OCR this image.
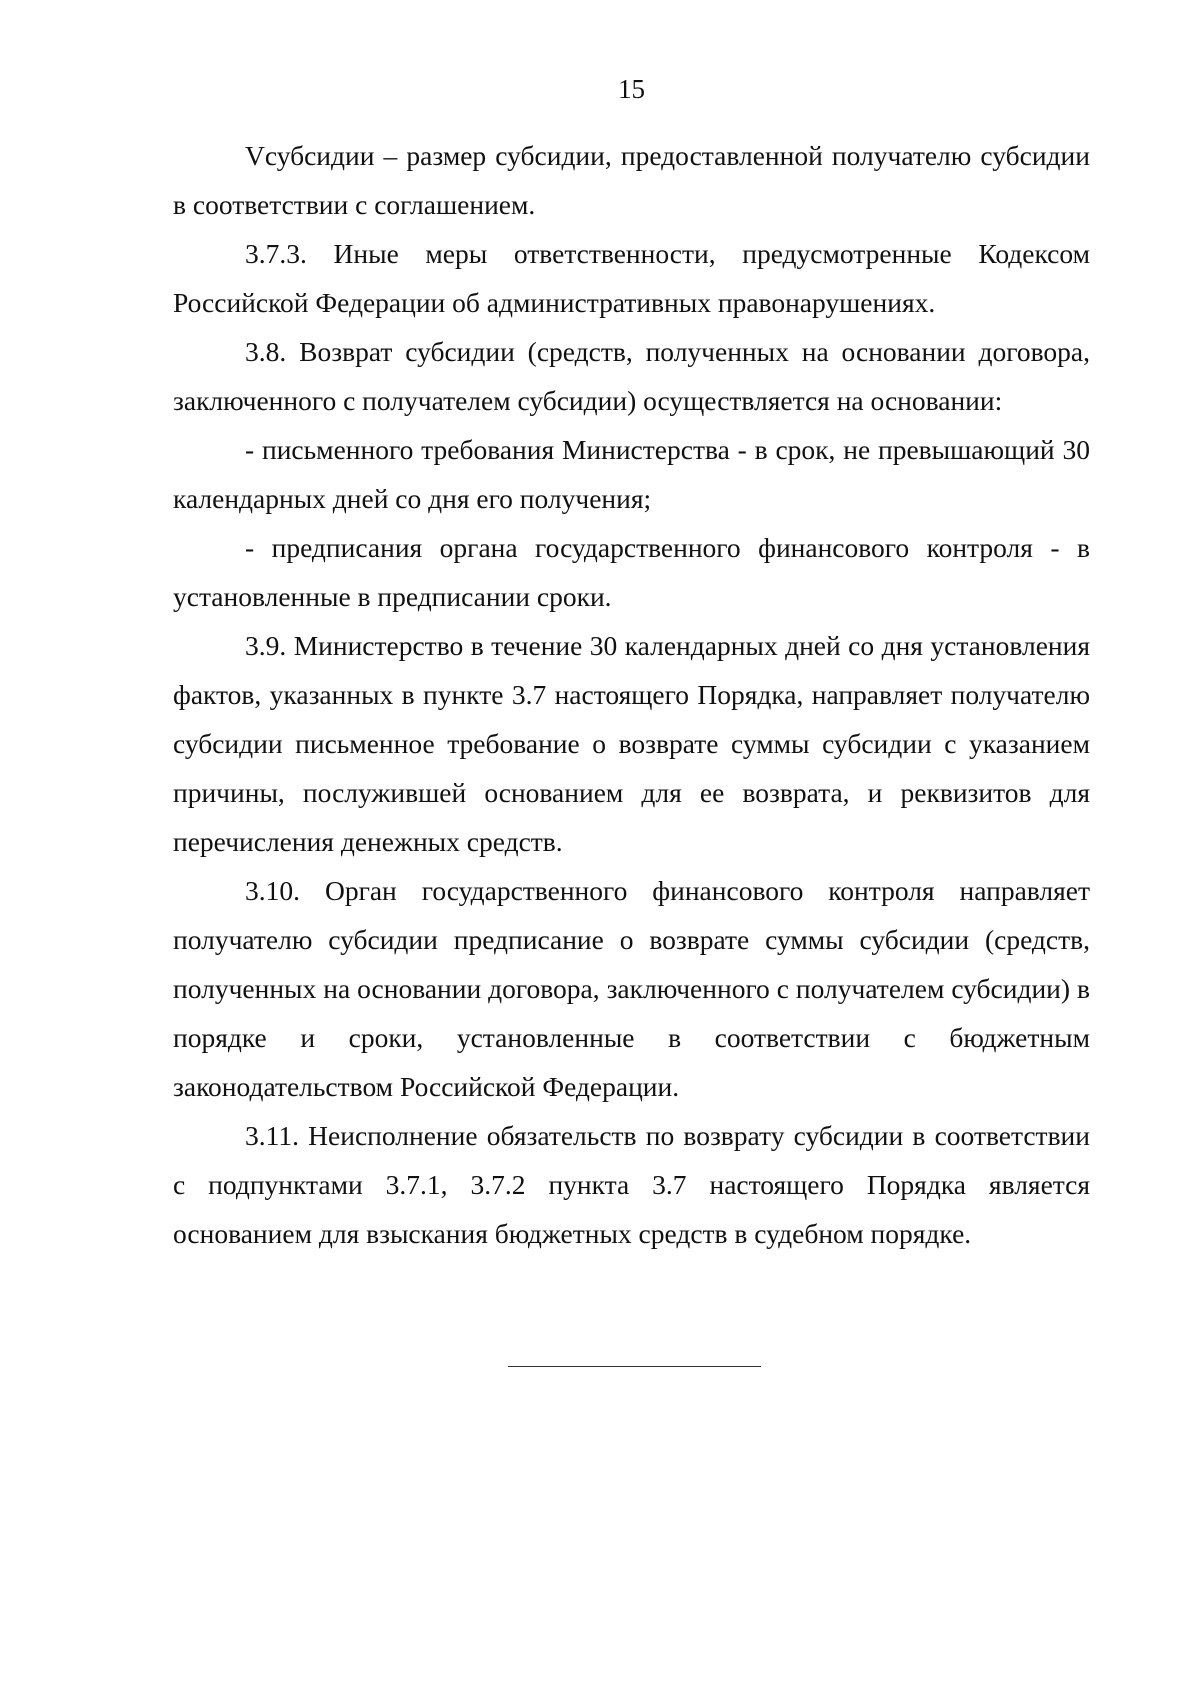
15

Vсубсидии – размер субсидии, предоставленной получателю субсидии в соответствии с соглашением.

3.7.3. Иные меры ответственности, предусмотренные Кодексом Российской Федерации об административных правонарушениях.

3.8. Возврат субсидии (средств, полученных на основании договора, заключенного с получателем субсидии) осуществляется на основании:

- письменного требования Министерства - в срок, не превышающий 30 календарных дней со дня его получения;

- предписания органа государственного финансового контроля - в установленные в предписании сроки.

3.9. Министерство в течение 30 календарных дней со дня установления фактов, указанных в пункте 3.7 настоящего Порядка, направляет получателю субсидии письменное требование о возврате суммы субсидии с указанием причины, послужившей основанием для ее возврата, и реквизитов для перечисления денежных средств.

3.10. Орган государственного финансового контроля направляет получателю субсидии предписание о возврате суммы субсидии (средств, полученных на основании договора, заключенного с получателем субсидии) в порядке и сроки, установленные в соответствии с бюджетным законодательством Российской Федерации.

3.11. Неисполнение обязательств по возврату субсидии в соответствии с подпунктами 3.7.1, 3.7.2 пункта 3.7 настоящего Порядка является основанием для взыскания бюджетных средств в судебном порядке.
